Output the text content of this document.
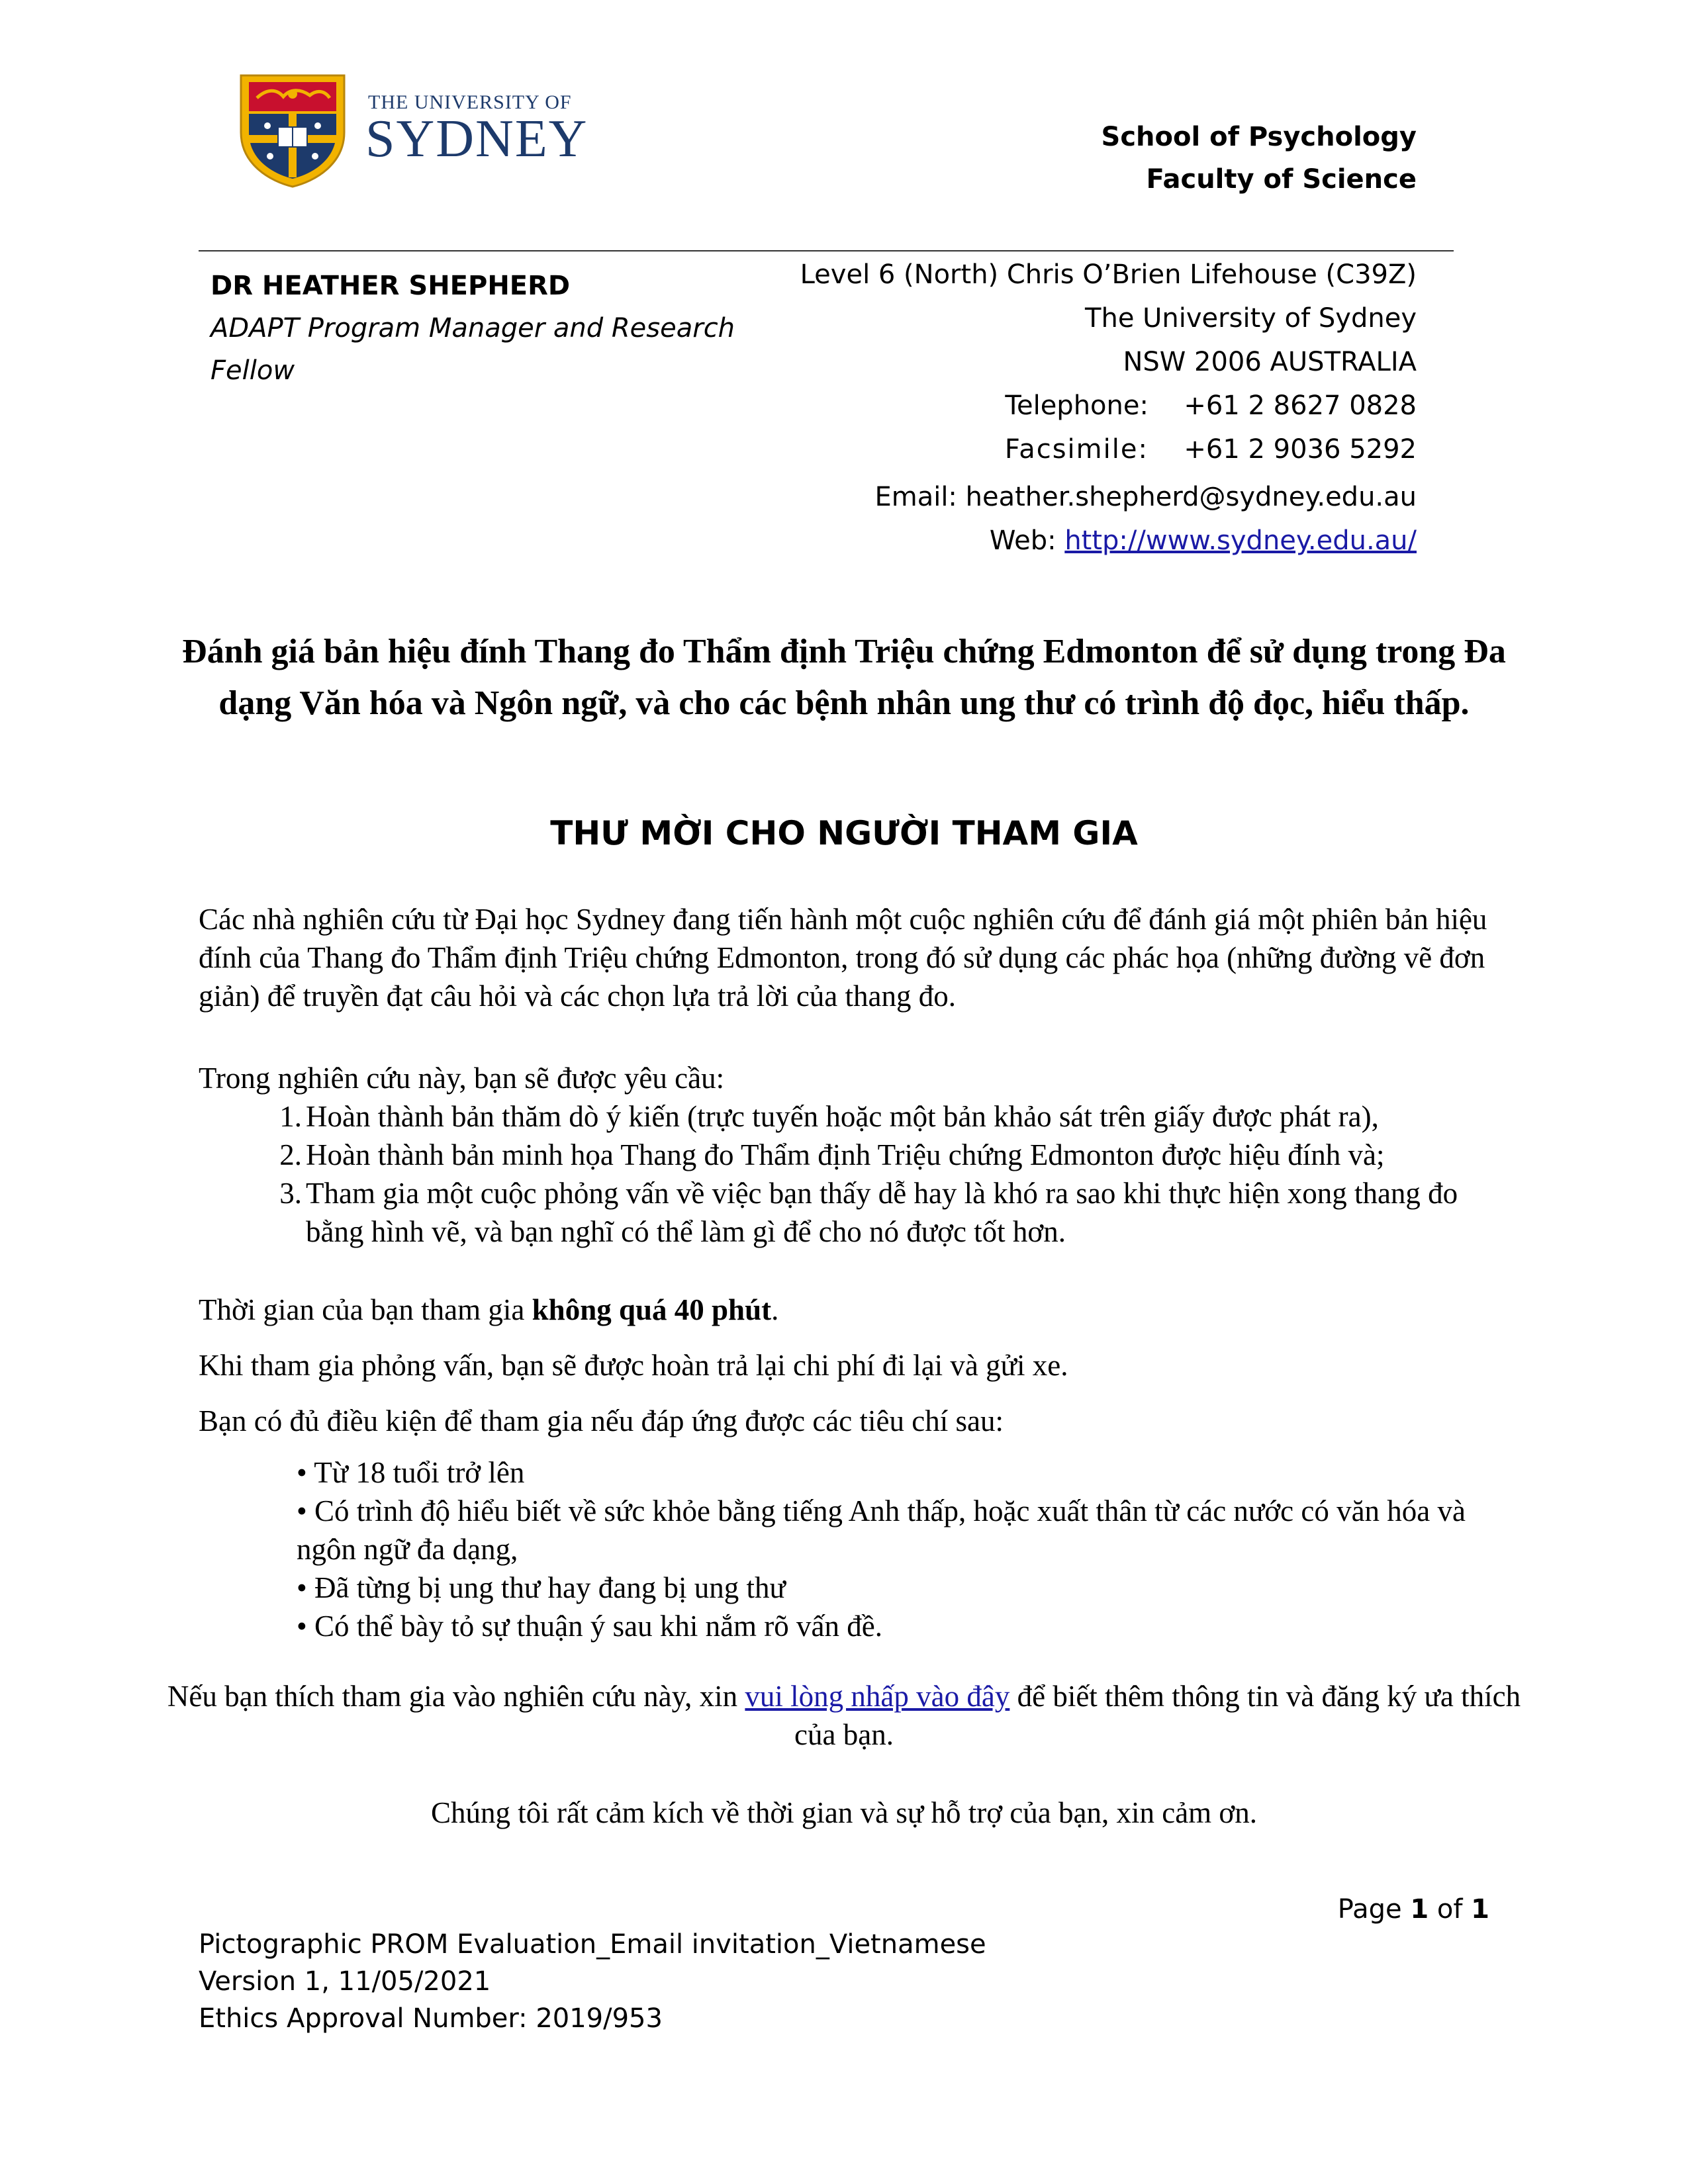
THE UNIVERSITY OF
SYDNEY	School of Psychology
Faculty of Science
DR HEATHER SHEPHERD
ADAPT Program Manager and Research Fellow
Level 6 (North) Chris O’Brien Lifehouse (C39Z)
The University of Sydney
NSW 2006 AUSTRALIA
Telephone: +61 2 8627 0828
Facsimile: +61 2 9036 5292
Email: heather.shepherd@sydney.edu.au
Web: http://www.sydney.edu.au/
Đánh giá bản hiệu đính Thang đo Thẩm định Triệu chứng Edmonton để sử dụng trong Đa dạng Văn hóa và Ngôn ngữ, và cho các bệnh nhân ung thư có trình độ đọc, hiểu thấp.
THƯ MỜI CHO NGƯỜI THAM GIA
Các nhà nghiên cứu từ Đại học Sydney đang tiến hành một cuộc nghiên cứu để đánh giá một phiên bản hiệu đính của Thang đo Thẩm định Triệu chứng Edmonton, trong đó sử dụng các phác họa (những đường vẽ đơn giản) để truyền đạt câu hỏi và các chọn lựa trả lời của thang đo.
Trong nghiên cứu này, bạn sẽ được yêu cầu:
1. Hoàn thành bản thăm dò ý kiến (trực tuyến hoặc một bản khảo sát trên giấy được phát ra),
2. Hoàn thành bản minh họa Thang đo Thẩm định Triệu chứng Edmonton được hiệu đính và;
3. Tham gia một cuộc phỏng vấn về việc bạn thấy dễ hay là khó ra sao khi thực hiện xong thang đo bằng hình vẽ, và bạn nghĩ có thể làm gì để cho nó được tốt hơn.
Thời gian của bạn tham gia không quá 40 phút.
Khi tham gia phỏng vấn, bạn sẽ được hoàn trả lại chi phí đi lại và gửi xe.
Bạn có đủ điều kiện để tham gia nếu đáp ứng được các tiêu chí sau:
• Từ 18 tuổi trở lên
• Có trình độ hiểu biết về sức khỏe bằng tiếng Anh thấp, hoặc xuất thân từ các nước có văn hóa và ngôn ngữ đa dạng,
• Đã từng bị ung thư hay đang bị ung thư
• Có thể bày tỏ sự thuận ý sau khi nắm rõ vấn đề.
Nếu bạn thích tham gia vào nghiên cứu này, xin vui lòng nhấp vào đây để biết thêm thông tin và đăng ký ưa thích của bạn.
Chúng tôi rất cảm kích về thời gian và sự hỗ trợ của bạn, xin cảm ơn.
Page 1 of 1
Pictographic PROM Evaluation_Email invitation_Vietnamese
Version 1, 11/05/2021
Ethics Approval Number: 2019/953
